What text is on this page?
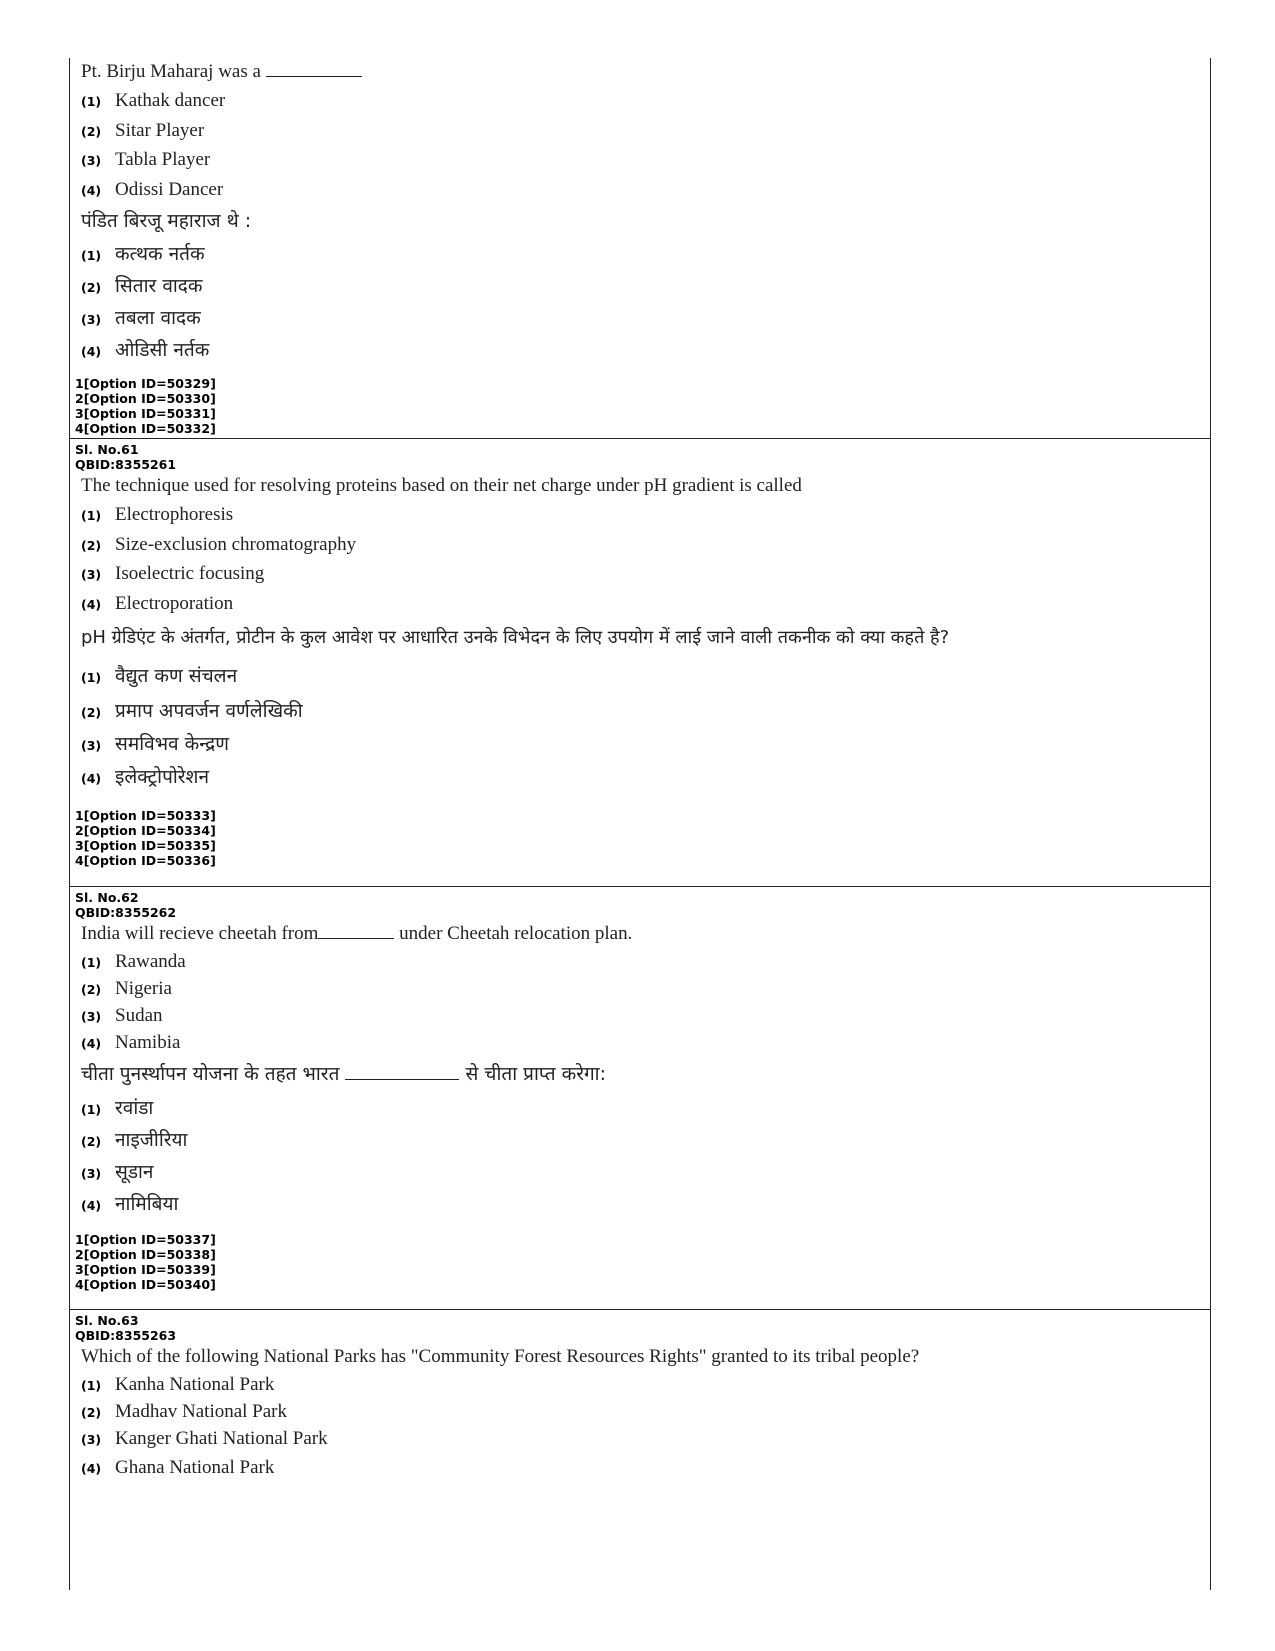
Pt. Birju Maharaj was a
(1) Kathak dancer
(2) Sitar Player
(3) Tabla Player
(4) Odissi Dancer
पंडित बिरजू महाराज थे :
(1) कत्थक नर्तक
(2) सितार वादक
(3) तबला वादक
(4) ओडिसी नर्तक
1[Option ID=50329]
2[Option ID=50330]
3[Option ID=50331]
4[Option ID=50332]
Sl. No.61
QBID:8355261
The technique used for resolving proteins based on their net charge under pH gradient is called
(1) Electrophoresis
(2) Size-exclusion chromatography
(3) Isoelectric focusing
(4) Electroporation
pH ग्रेडिएंट के अंतर्गत, प्रोटीन के कुल आवेश पर आधारित उनके विभेदन के लिए उपयोग में लाई जाने वाली तकनीक को क्या कहते है?
(1) वैद्युत कण संचलन
(2) प्रमाप अपवर्जन वर्णलेखिकी
(3) समविभव केन्द्रण
(4) इलेक्ट्रोपोरेशन
1[Option ID=50333]
2[Option ID=50334]
3[Option ID=50335]
4[Option ID=50336]
Sl. No.62
QBID:8355262
India will recieve cheetah from	under Cheetah relocation plan.
(1) Rawanda
(2) Nigeria
(3) Sudan
(4) Namibia
चीता पुनर्स्थापन योजना के तहत भारत	से चीता प्राप्त करेगा:
(1) रवांडा
(2) नाइजीरिया
(3) सूडान
(4) नामिबिया
1[Option ID=50337]
2[Option ID=50338]
3[Option ID=50339]
4[Option ID=50340]
Sl. No.63
QBID:8355263
Which of the following National Parks has "Community Forest Resources Rights" granted to its tribal people?
(1) Kanha National Park
(2) Madhav National Park
(3) Kanger Ghati National Park
(4) Ghana National Park
